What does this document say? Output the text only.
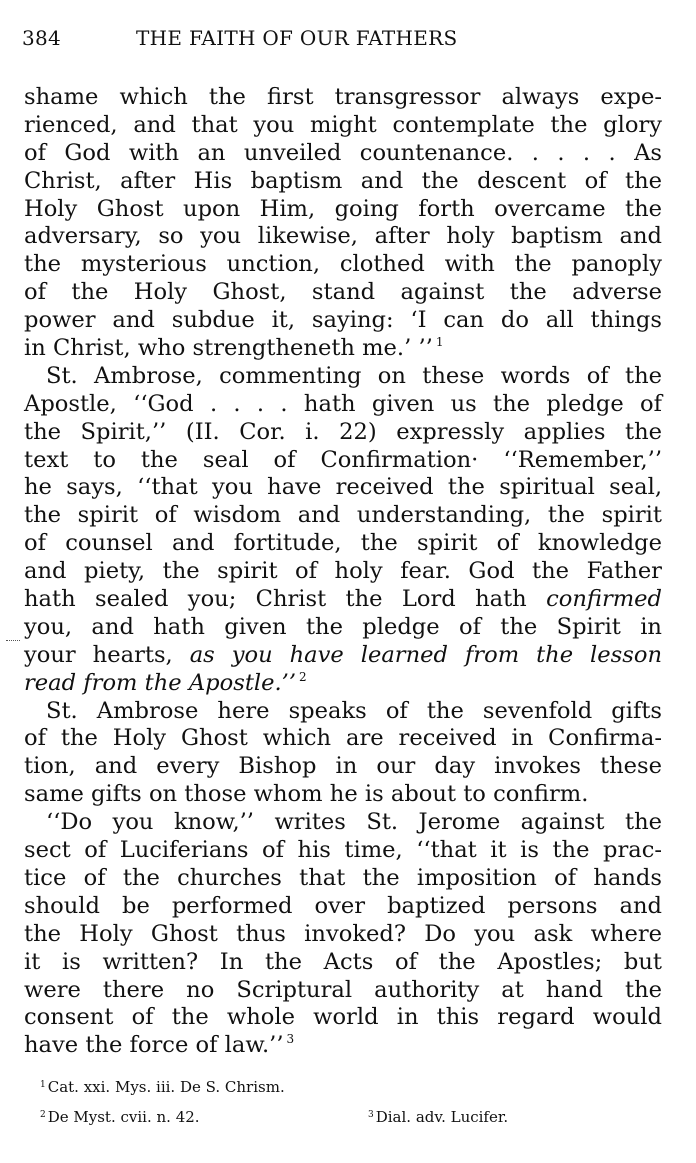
384	THE FAITH OF OUR FATHERS
shame which the first transgressor always expe-
rienced, and that you might contemplate the glory
of God with an unveiled countenance. . . . . As
Christ, after His baptism and the descent of the
Holy Ghost upon Him, going forth overcame the
adversary, so you likewise, after holy baptism and
the mysterious unction, clothed with the panoply
of the Holy Ghost, stand against the adverse
power and subdue it, saying: ‘I can do all things
in Christ, who strengtheneth me.’ ’’ $^1$
St. Ambrose, commenting on these words of the
Apostle, ‘‘God . . . . hath given us the pledge of
the Spirit,’’ (II. Cor. i. 22) expressly applies the
text to the seal of Confirmation· ‘‘Remember,’’
he says, ‘‘that you have received the spiritual seal,
the spirit of wisdom and understanding, the spirit
of counsel and fortitude, the spirit of knowledge
and piety, the spirit of holy fear. God the Father
hath sealed you; Christ the Lord hath confirmed
you, and hath given the pledge of the Spirit in
your hearts, as you have learned from the lesson
read from the Apostle.’’ $^2$
St. Ambrose here speaks of the sevenfold gifts
of the Holy Ghost which are received in Confirma-
tion, and every Bishop in our day invokes these
same gifts on those whom he is about to confirm.
‘‘Do you know,’’ writes St. Jerome against the
sect of Luciferians of his time, ‘‘that it is the prac-
tice of the churches that the imposition of hands
should be performed over baptized persons and
the Holy Ghost thus invoked? Do you ask where
it is written? In the Acts of the Apostles; but
were there no Scriptural authority at hand the
consent of the whole world in this regard would
have the force of law.’’ $^3$
$^1$ Cat. xxi. Mys. iii. De S. Chrism.
$^2$ De Myst. cvii. n. 42.	$^3$ Dial. adv. Lucifer.
